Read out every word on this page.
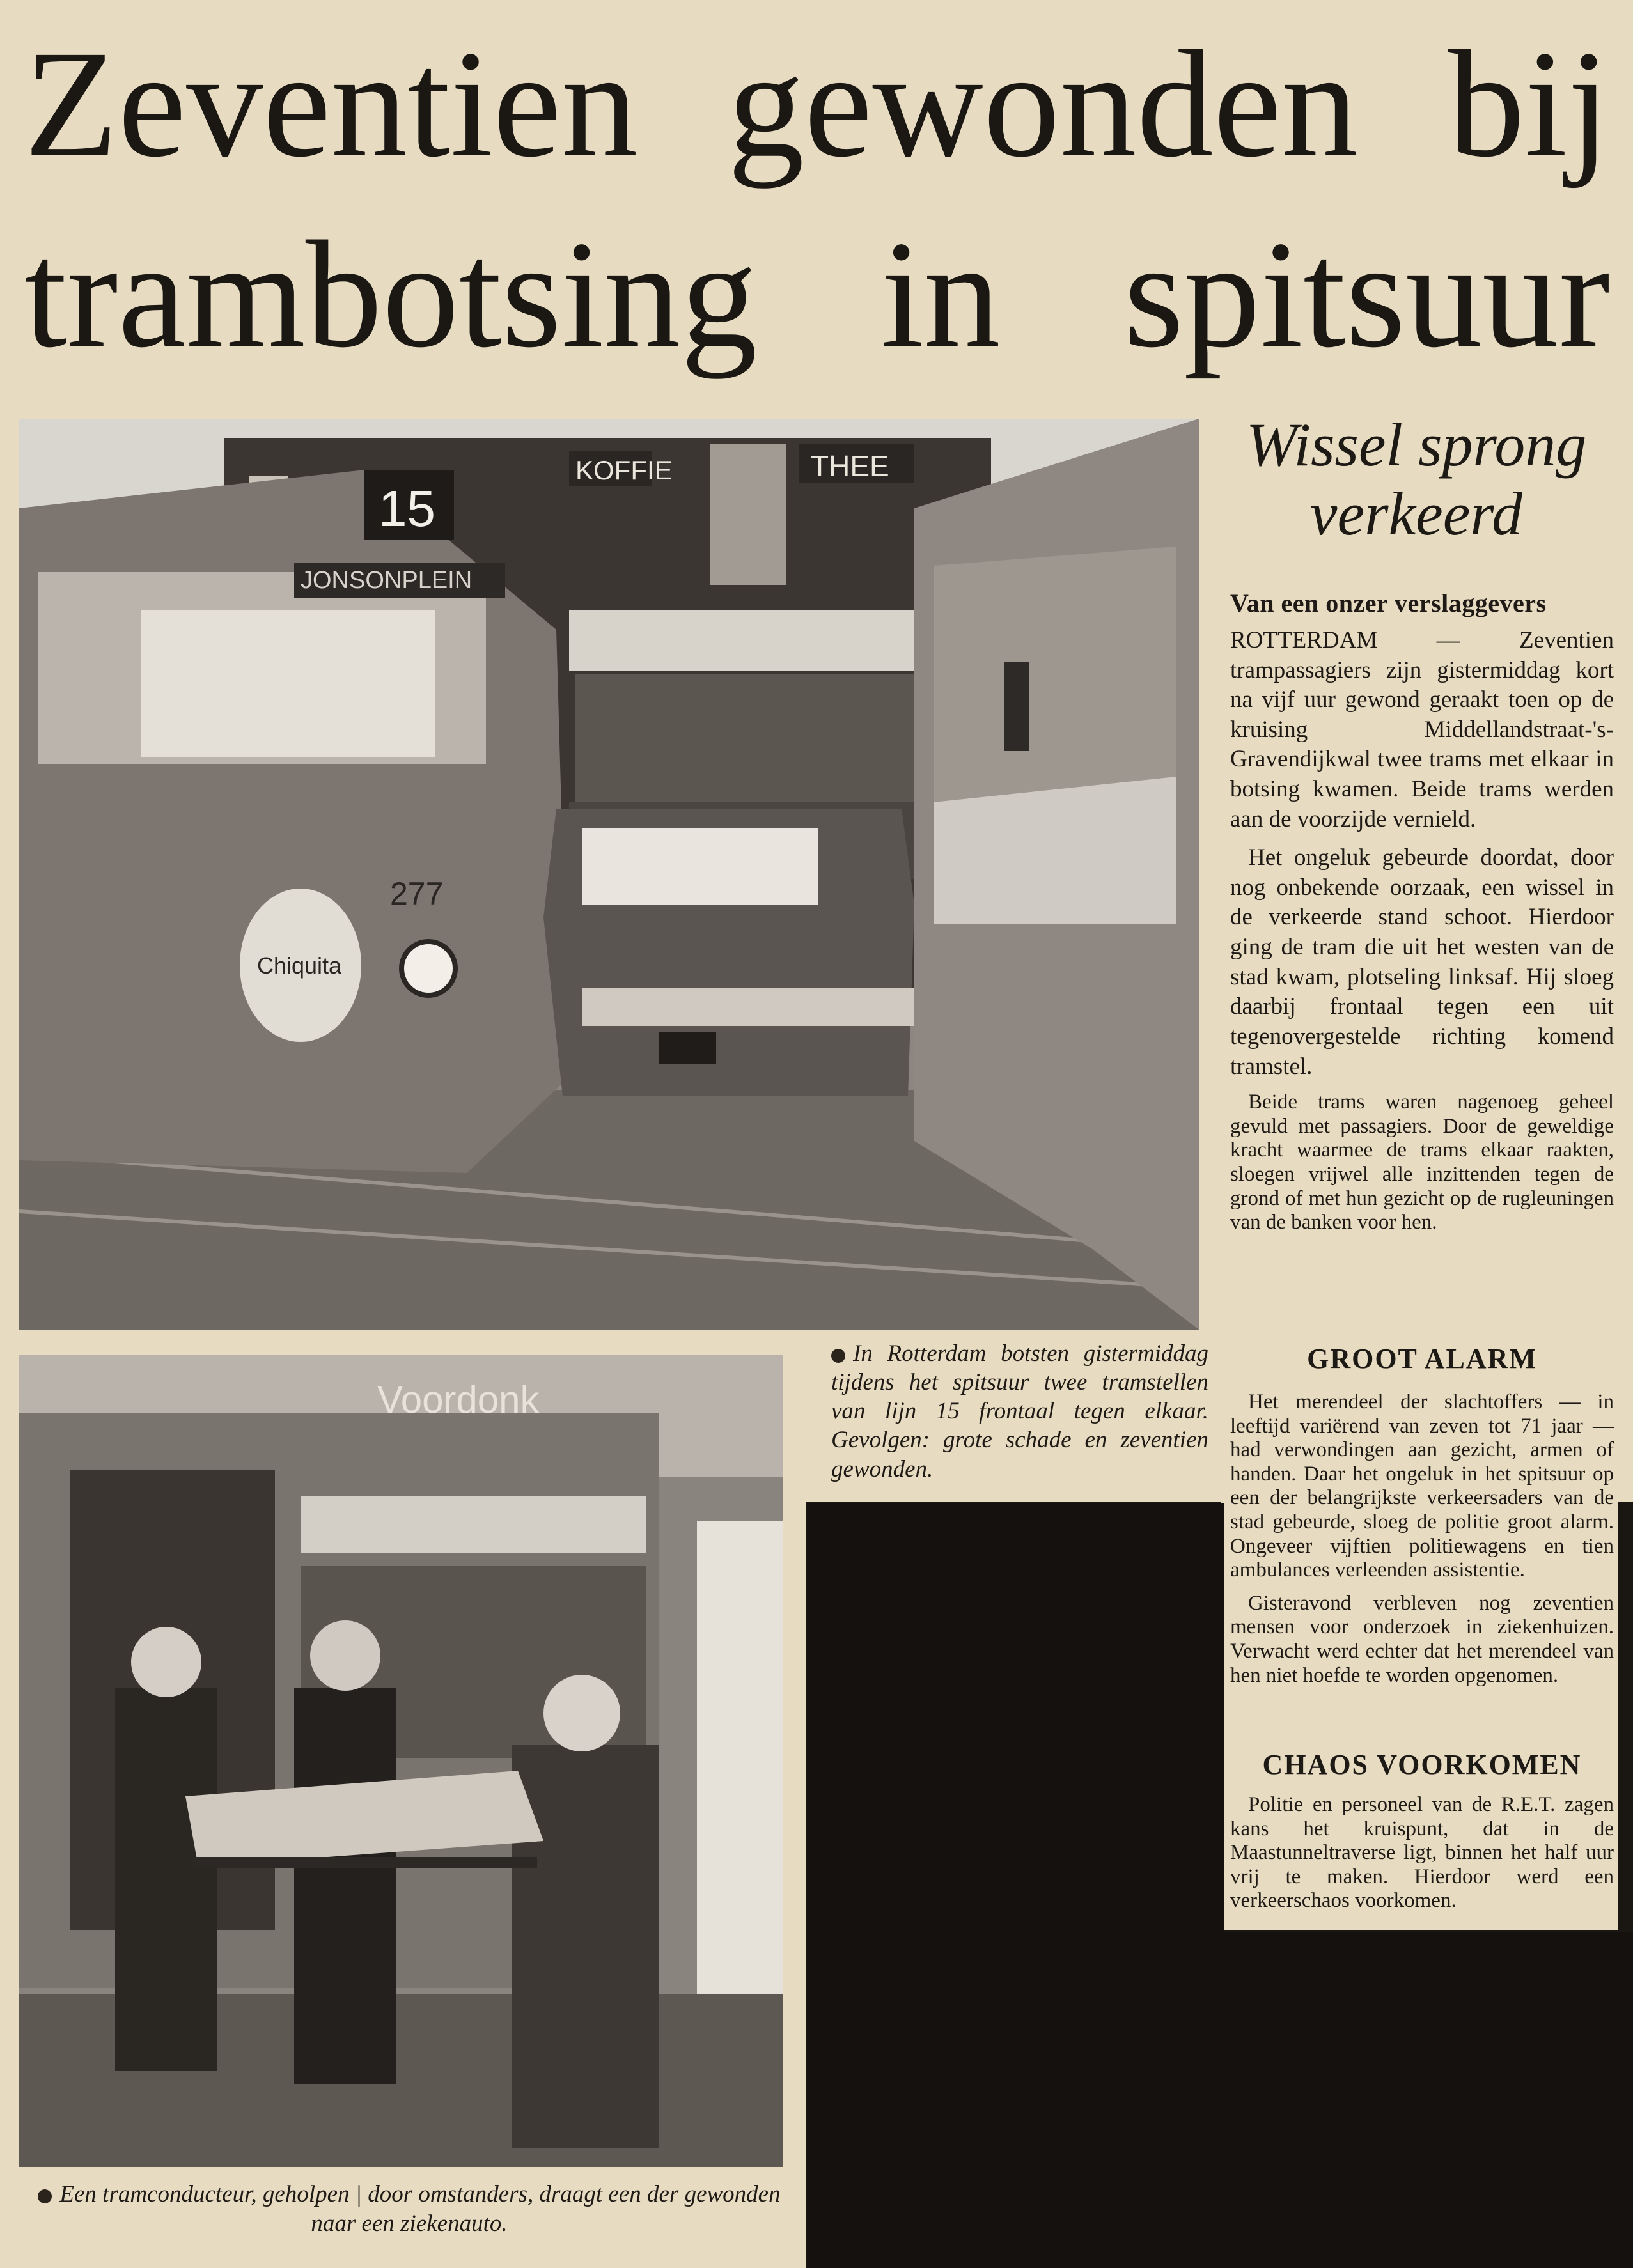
Zeventien gewonden bij
trambotsing in spitsuur
KOFFIE	THEE
15
JONSONPLEIN
277
Chiquita
Wissel sprong
verkeerd

Van een onzer verslaggevers

ROTTERDAM — Zeventien trampassagiers zijn gistermiddag kort na vijf uur gewond geraakt toen op de kruising Middellandstraat-'s-Gravendijkwal twee trams met elkaar in botsing kwamen. Beide trams werden aan de voorzijde vernield.

Het ongeluk gebeurde doordat, door nog onbekende oorzaak, een wissel in de verkeerde stand schoot. Hierdoor ging de tram die uit het westen van de stad kwam, plotseling linksaf. Hij sloeg daarbij frontaal tegen een uit tegenovergestelde richting komend tramstel.

Beide trams waren nagenoeg geheel gevuld met passagiers. Door de geweldige kracht waarmee de trams elkaar raakten, sloegen vrijwel alle inzittenden tegen de grond of met hun gezicht op de rugleuningen van de banken voor hen.

GROOT ALARM

Het merendeel der slachtoffers — in leeftijd variërend van zeven tot 71 jaar — had verwondingen aan gezicht, armen of handen. Daar het ongeluk in het spitsuur op een der belangrijkste verkeersaders van de stad gebeurde, sloeg de politie groot alarm. Ongeveer vijftien politiewagens en tien ambulances verleenden assistentie.

Gisteravond verbleven nog zeventien mensen voor onderzoek in ziekenhuizen. Verwacht werd echter dat het merendeel van hen niet hoefde te worden opgenomen.

CHAOS VOORKOMEN

Politie en personeel van de R.E.T. zagen kans het kruispunt, dat in de Maastunneltraverse ligt, binnen het half uur vrij te maken. Hierdoor werd een verkeerschaos voorkomen.

In Rotterdam botsten gistermiddag tijdens het spitsuur twee tramstellen van lijn 15 frontaal tegen elkaar. Gevolgen: grote schade en zeventien gewonden.
Voordonk
Een tramconducteur, geholpen | door omstanders, draagt een der gewonden naar een ziekenauto.
